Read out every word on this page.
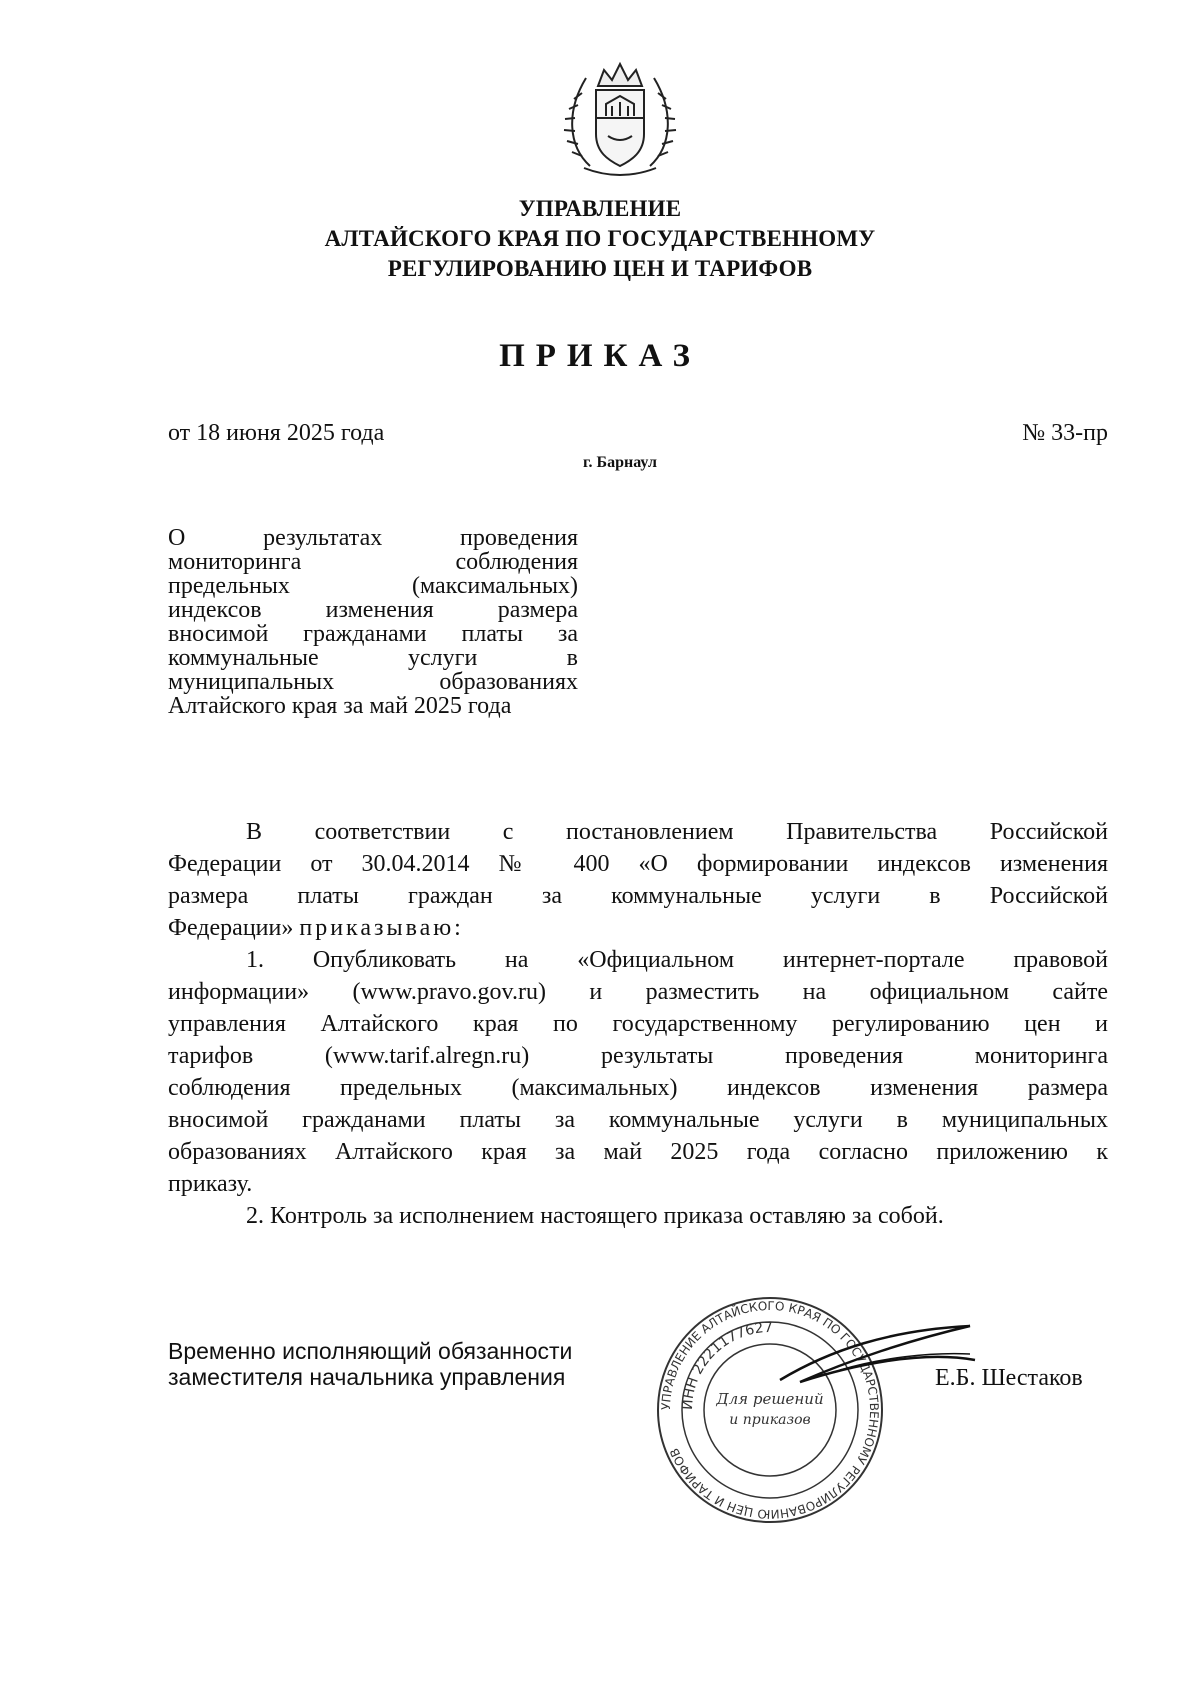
УПРАВЛЕНИЕ
АЛТАЙСКОГО КРАЯ ПО ГОСУДАРСТВЕННОМУ
РЕГУЛИРОВАНИЮ ЦЕН И ТАРИФОВ
ПРИКАЗ
от 18 июня 2025 года	№ 33-пр
г. Барнаул
О результатах проведения
мониторинга соблюдения
предельных (максимальных)
индексов изменения размера
вносимой гражданами платы за
коммунальные услуги в
муниципальных образованиях
Алтайского края за май 2025 года
В соответствии с постановлением Правительства Российской
Федерации от 30.04.2014 № 400 «О формировании индексов изменения
размера платы граждан за коммунальные услуги в Российской
Федерации» приказываю:
1. Опубликовать на «Официальном интернет-портале правовой
информации» (www.pravo.gov.ru) и разместить на официальном сайте
управления Алтайского края по государственному регулированию цен и
тарифов (www.tarif.alregn.ru) результаты проведения мониторинга
соблюдения предельных (максимальных) индексов изменения размера
вносимой гражданами платы за коммунальные услуги в муниципальных
образованиях Алтайского края за май 2025 года согласно приложению к
приказу.
2. Контроль за исполнением настоящего приказа оставляю за собой.
Временно исполняющий обязанности
заместителя начальника управления
УПРАВЛЕНИЕ АЛТАЙСКОГО КРАЯ ПО ГОСУДАРСТВЕННОМУ РЕГУЛИРОВАНИЮ ЦЕН И ТАРИФОВ
ИНН 2221177627
Для решений
и приказов
Е.Б. Шестаков
